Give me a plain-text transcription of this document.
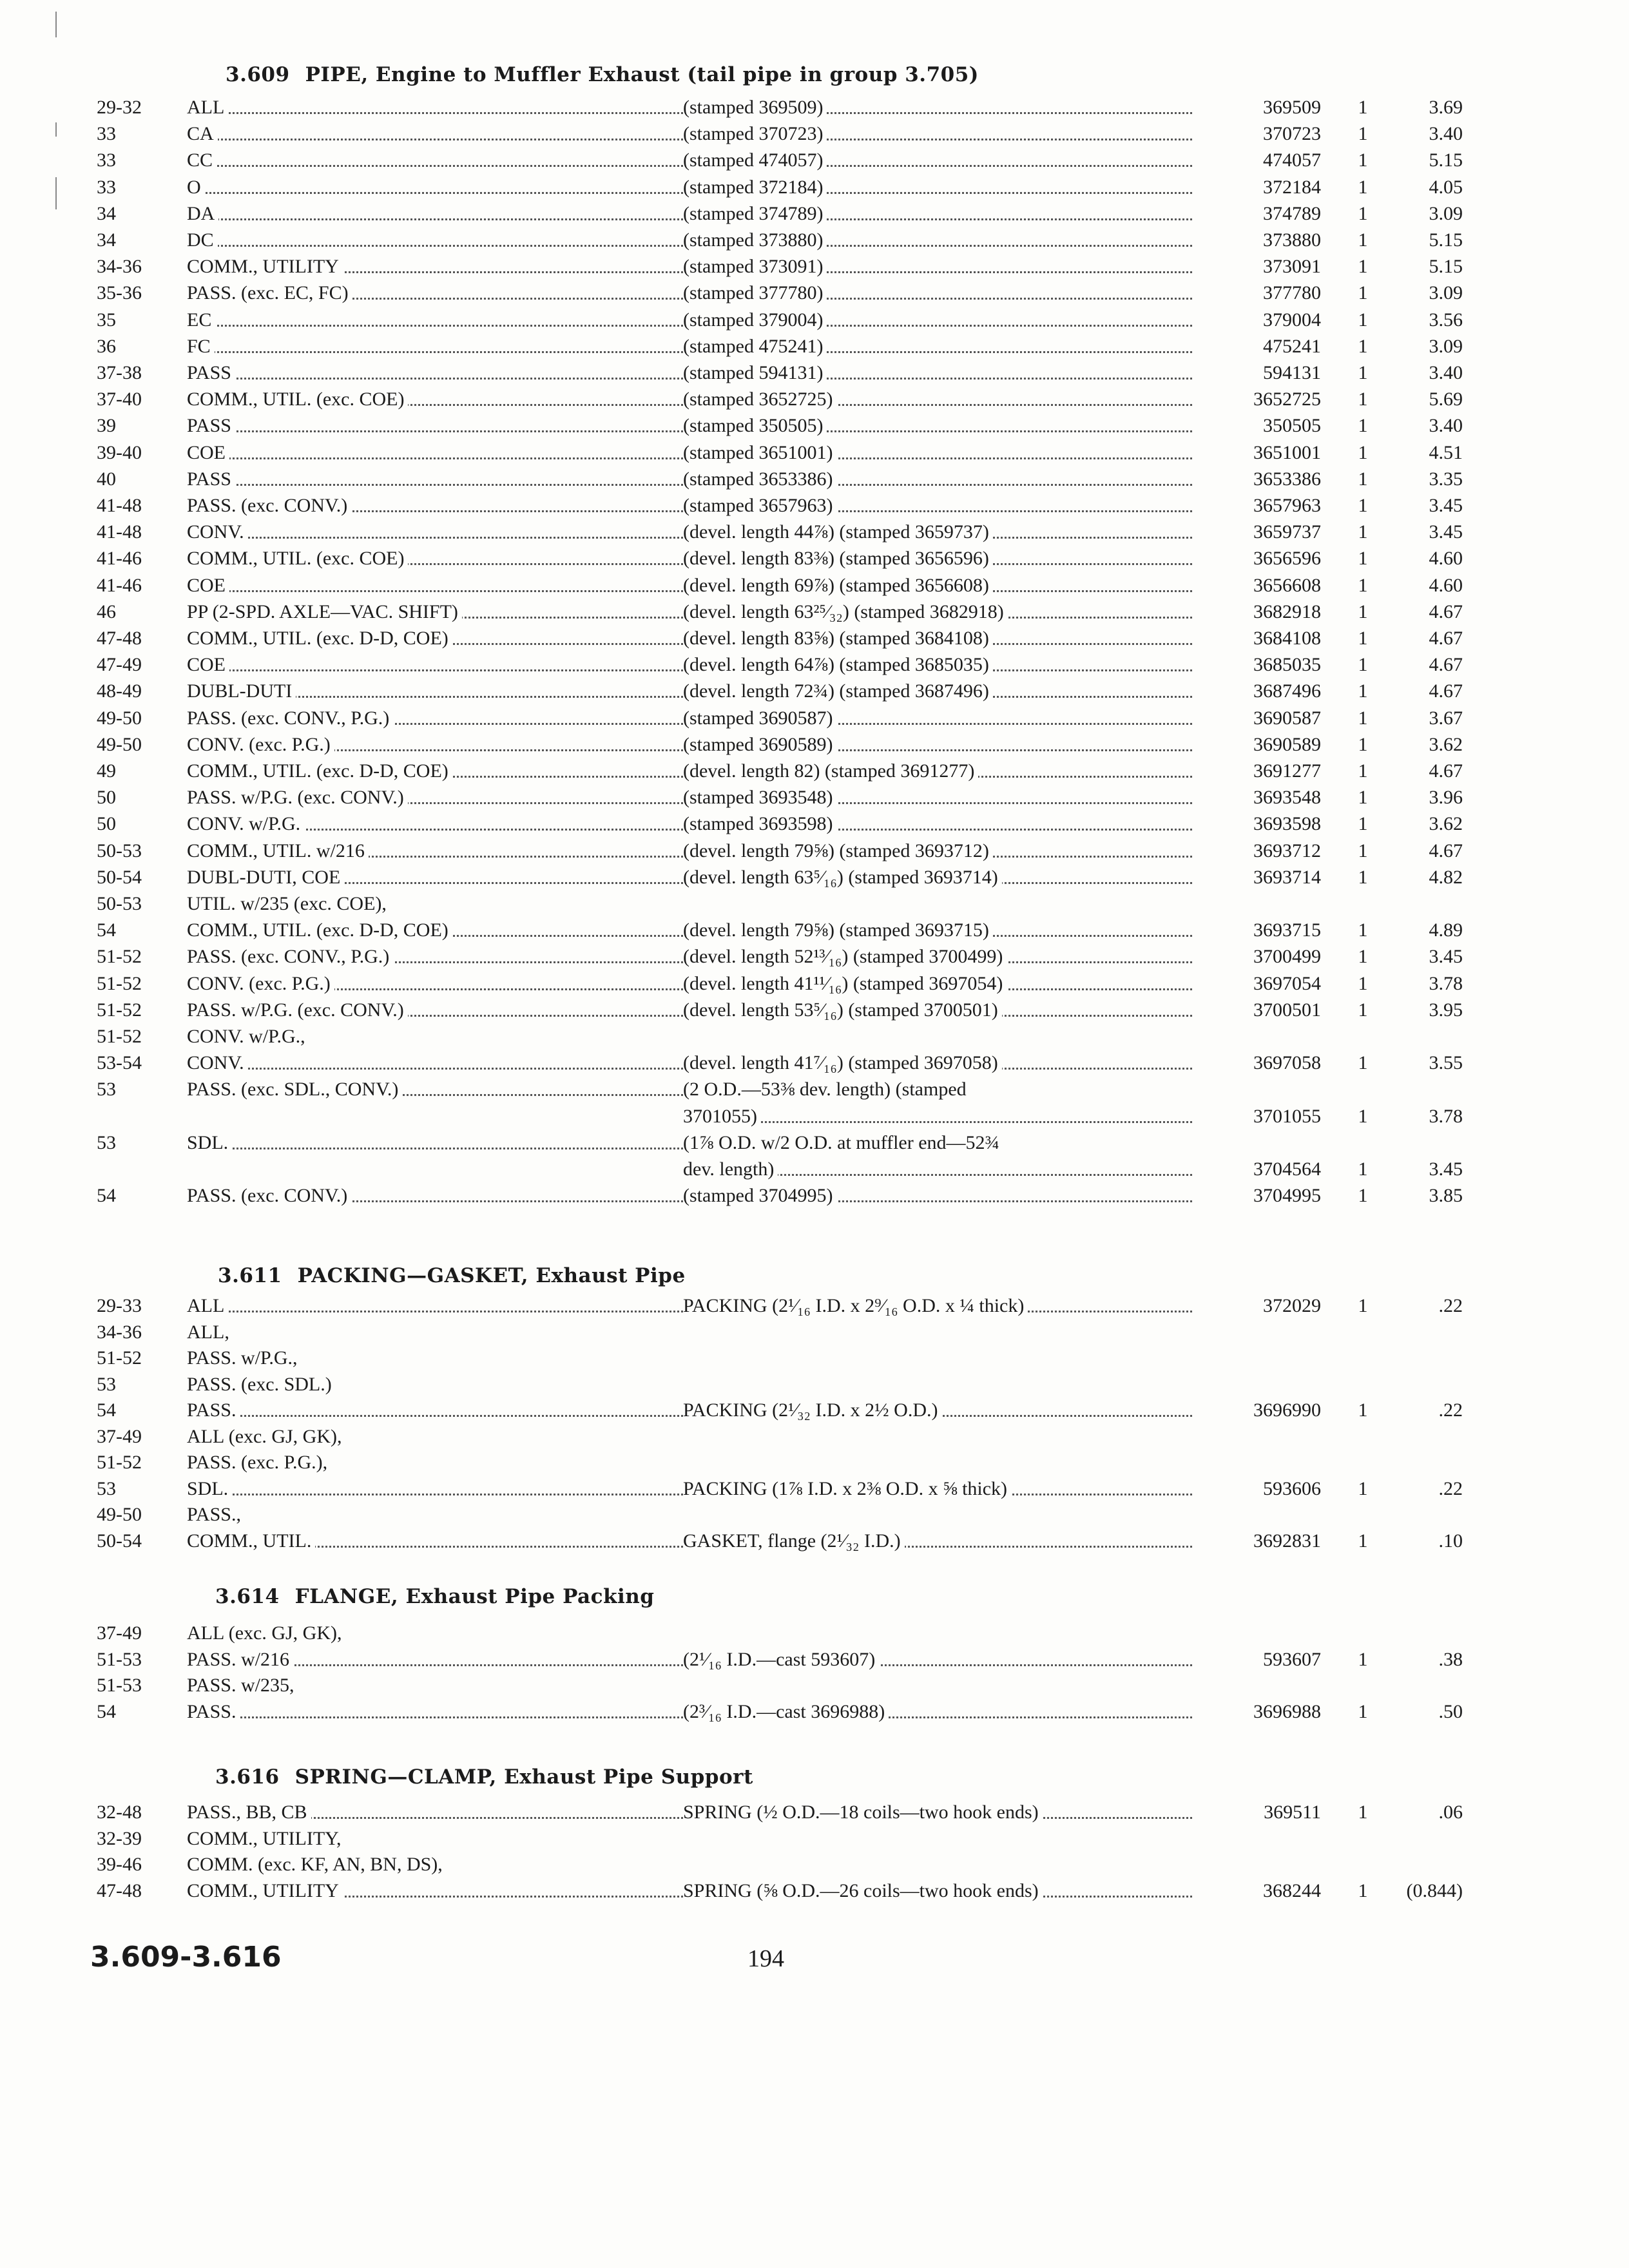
3.609 PIPE, Engine to Muffler Exhaust (tail pipe in group 3.705)
29-32	ALL	(stamped 369509)	369509 1	3.69
33	CA	(stamped 370723)	370723 1	3.40
33	CC	(stamped 474057)	474057 1	5.15
33	O	(stamped 372184)	372184 1	4.05
34	DA	(stamped 374789)	374789 1	3.09
34	DC	(stamped 373880)	373880 1	5.15
34-36	COMM., UTILITY	(stamped 373091)	373091 1	5.15
35-36	PASS. (exc. EC, FC)	(stamped 377780)	377780 1	3.09
35	EC	(stamped 379004)	379004 1	3.56
36	FC	(stamped 475241)	475241 1	3.09
37-38	PASS	(stamped 594131)	594131 1	3.40
37-40	COMM., UTIL. (exc. COE)	(stamped 3652725)	3652725 1	5.69
39	PASS	(stamped 350505)	350505 1	3.40
39-40	COE	(stamped 3651001)	3651001 1	4.51
40	PASS	(stamped 3653386)	3653386 1	3.35
41-48	PASS. (exc. CONV.)	(stamped 3657963)	3657963 1	3.45
41-48	CONV.	(devel. length 44⅞) (stamped 3659737)	3659737 1	3.45
41-46	COMM., UTIL. (exc. COE)	(devel. length 83⅜) (stamped 3656596)	3656596 1	4.60
41-46	COE	(devel. length 69⅞) (stamped 3656608)	3656608 1	4.60
46	PP (2-SPD. AXLE—VAC. SHIFT)	(devel. length 63²⁵⁄₃₂) (stamped 3682918)	3682918 1	4.67
47-48	COMM., UTIL. (exc. D-D, COE)	(devel. length 83⅝) (stamped 3684108)	3684108 1	4.67
47-49	COE	(devel. length 64⅞) (stamped 3685035)	3685035 1	4.67
48-49	DUBL-DUTI	(devel. length 72¾) (stamped 3687496)	3687496 1	4.67
49-50	PASS. (exc. CONV., P.G.)	(stamped 3690587)	3690587 1	3.67
49-50	CONV. (exc. P.G.)	(stamped 3690589)	3690589 1	3.62
49	COMM., UTIL. (exc. D-D, COE)	(devel. length 82) (stamped 3691277)	3691277 1	4.67
50	PASS. w/P.G. (exc. CONV.)	(stamped 3693548)	3693548 1	3.96
50	CONV. w/P.G.	(stamped 3693598)	3693598 1	3.62
50-53	COMM., UTIL. w/216	(devel. length 79⅝) (stamped 3693712)	3693712 1	4.67
50-54	DUBL-DUTI, COE	(devel. length 63⁵⁄₁₆) (stamped 3693714)	3693714 1	4.82
50-53	UTIL. w/235 (exc. COE),
54	COMM., UTIL. (exc. D-D, COE)	(devel. length 79⅝) (stamped 3693715)	3693715 1	4.89
51-52	PASS. (exc. CONV., P.G.)	(devel. length 52¹³⁄₁₆) (stamped 3700499)	3700499 1	3.45
51-52	CONV. (exc. P.G.)	(devel. length 41¹¹⁄₁₆) (stamped 3697054)	3697054 1	3.78
51-52	PASS. w/P.G. (exc. CONV.)	(devel. length 53⁵⁄₁₆) (stamped 3700501)	3700501 1	3.95
51-52	CONV. w/P.G.,
53-54	CONV.	(devel. length 41⁷⁄₁₆) (stamped 3697058)	3697058 1	3.55
53	PASS. (exc. SDL., CONV.)	(2 O.D.—53⅜ dev. length) (stamped
3701055)	3701055 1	3.78
53	SDL.	(1⅞ O.D. w/2 O.D. at muffler end—52¾
dev. length)	3704564 1	3.45
54	PASS. (exc. CONV.)	(stamped 3704995)	3704995 1	3.85
3.611 PACKING—GASKET, Exhaust Pipe
29-33	ALL	PACKING (2¹⁄₁₆ I.D. x 2⁹⁄₁₆ O.D. x ¼ thick)	372029 1	.22
34-36	ALL,
51-52	PASS. w/P.G.,
53	PASS. (exc. SDL.)
54	PASS.	PACKING (2¹⁄₃₂ I.D. x 2½ O.D.)	3696990 1	.22
37-49	ALL (exc. GJ, GK),
51-52	PASS. (exc. P.G.),
53	SDL.	PACKING (1⅞ I.D. x 2⅜ O.D. x ⅝ thick)	593606 1	.22
49-50	PASS.,
50-54	COMM., UTIL.	GASKET, flange (2¹⁄₃₂ I.D.)	3692831 1	.10
3.614 FLANGE, Exhaust Pipe Packing
37-49	ALL (exc. GJ, GK),
51-53	PASS. w/216	(2¹⁄₁₆ I.D.—cast 593607)	593607 1	.38
51-53	PASS. w/235,
54	PASS.	(2³⁄₁₆ I.D.—cast 3696988)	3696988 1	.50
3.616 SPRING—CLAMP, Exhaust Pipe Support
32-48	PASS., BB, CB	SPRING (½ O.D.—18 coils—two hook ends)	369511 1	.06
32-39	COMM., UTILITY,
39-46	COMM. (exc. KF, AN, BN, DS),
47-48	COMM., UTILITY	SPRING (⅝ O.D.—26 coils—two hook ends)	368244 1	(0.844)
3.609-3.616	194
